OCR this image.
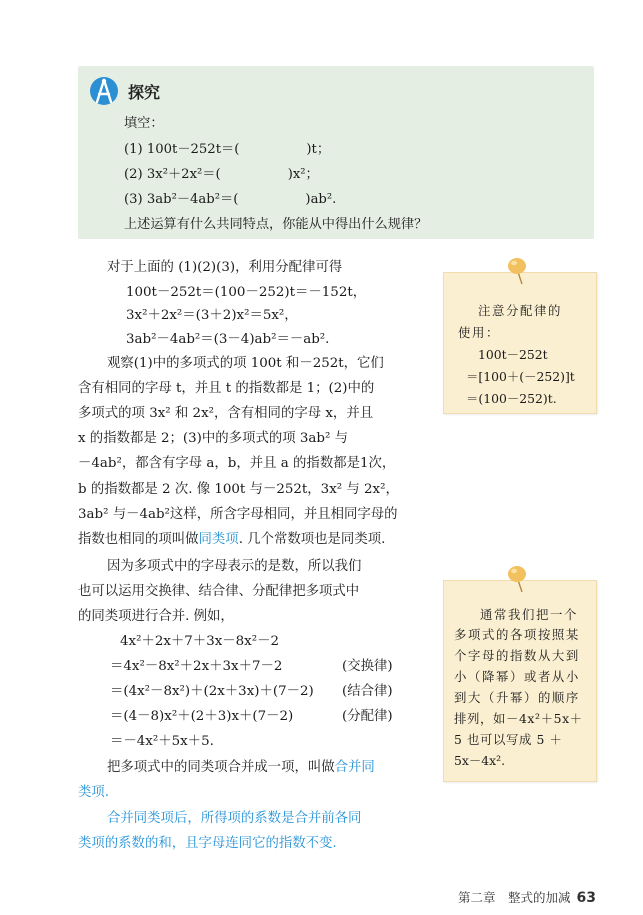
探究
填空：
(1) 100t－252t＝(                )t；
(2) 3x²＋2x²＝(                )x²；
(3) 3ab²－4ab²＝(                )ab².
上述运算有什么共同特点，你能从中得出什么规律？
对于上面的 (1)(2)(3)，利用分配律可得
100t－252t＝(100－252)t＝－152t，
3x²＋2x²＝(3＋2)x²＝5x²，
3ab²－4ab²＝(3－4)ab²＝－ab².
观察(1)中的多项式的项 100t 和－252t，它们
含有相同的字母 t，并且 t 的指数都是 1；(2)中的
多项式的项 3x² 和 2x²，含有相同的字母 x，并且
x 的指数都是 2；(3)中的多项式的项 3ab² 与
－4ab²，都含有字母 a，b，并且 a 的指数都是1次，
b 的指数都是 2 次. 像 100t 与－252t，3x² 与 2x²，
3ab² 与－4ab²这样，所含字母相同，并且相同字母的
指数也相同的项叫做同类项. 几个常数项也是同类项.
因为多项式中的字母表示的是数，所以我们
也可以运用交换律、结合律、分配律把多项式中
的同类项进行合并. 例如，
4x²＋2x＋7＋3x－8x²－2
＝4x²－8x²＋2x＋3x＋7－2	(交换律)
＝(4x²－8x²)＋(2x＋3x)＋(7－2) (结合律)
＝(4－8)x²＋(2＋3)x＋(7－2)	(分配律)
＝－4x²＋5x＋5.
把多项式中的同类项合并成一项，叫做合并同
类项.
合并同类项后，所得项的系数是合并前各同
类项的系数的和，且字母连同它的指数不变.
注意分配律的
使用：
100t－252t
＝[100＋(－252)]t
＝(100－252)t.
通常我们把一个
多项式的各项按照某
个字母的指数从大到
小（降幂）或者从小
到大（升幂）的顺序
排列，如－4x²＋5x＋
5 也可以写成 5 ＋
5x－4x².
第二章　整式的加减 63
